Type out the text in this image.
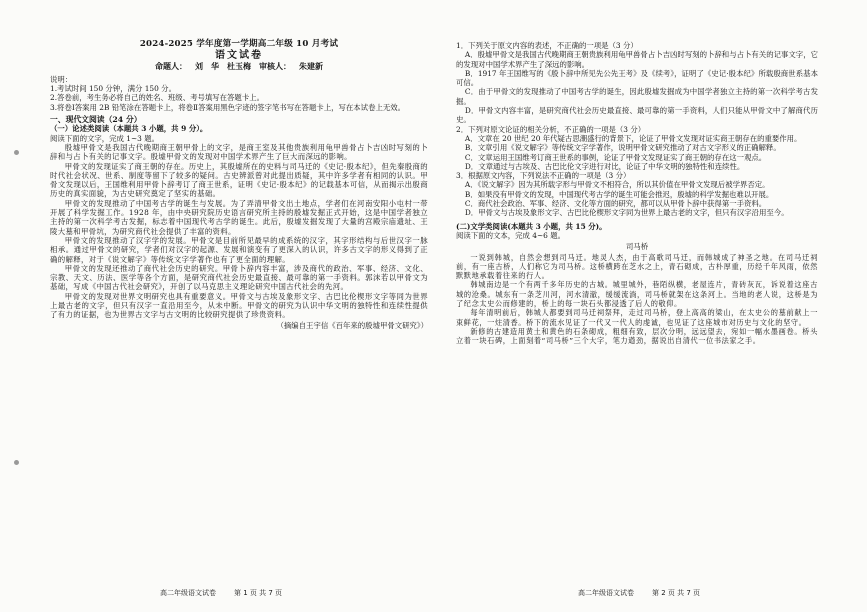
2024-2025 学年度第一学期高二年级 10 月考试

语文试卷

命题人： 刘　华 杜玉梅 审核人： 朱建新

说明：

1.考试时间 150 分钟，满分 150 分。

2.答卷前，考生务必将自己的姓名、班级、考号填写在答题卡上。

3.将卷Ⅰ答案用 2B 铅笔涂在答题卡上，将卷Ⅱ答案用黑色字迹的签字笔书写在答题卡上，写在本试卷上无效。

一、现代文阅读（24 分）

（一）论述类阅读（本题共 3 小题，共 9 分）。

阅读下面的文字，完成 1~3 题。

殷墟甲骨文是我国古代晚期商王朝甲骨上的文字，是商王室及其他贵族利用龟甲兽骨占卜吉凶时写刻的卜辞和与占卜有关的记事文字。殷墟甲骨文的发现对中国学术界产生了巨大而深远的影响。

甲骨文的发现证实了商王朝的存在。历史上，其殷墟所在的史料与司马迁的《史记·殷本纪》，但先秦殷商的时代社会状况、世系、制度等留下了较多的疑问。古史辨派曾对此提出质疑，其中许多学者有相同的认识。甲骨文发现以后，王国维利用甲骨卜辞考订了商王世系，证明《史记·殷本纪》的记载基本可信，从而揭示出殷商历史的真实面貌，为古史研究奠定了坚实的基础。

甲骨文的发现推动了中国考古学的诞生与发展。为了弄清甲骨文出土地点，学者们在河南安阳小屯村一带开展了科学发掘工作。1928 年，由中央研究院历史语言研究所主持的殷墟发掘正式开始，这是中国学者独立主持的第一次科学考古发掘，标志着中国现代考古学的诞生。此后，殷墟发掘发现了大量的宫殿宗庙遗址、王陵大墓和甲骨坑，为研究商代社会提供了丰富的资料。

甲骨文的发现推动了汉字学的发展。甲骨文是目前所见最早的成系统的汉字，其字形结构与后世汉字一脉相承。通过甲骨文的研究，学者们对汉字的起源、发展和演变有了更深入的认识，许多古文字的形义得到了正确的解释，对于《说文解字》等传统文字学著作也有了更全面的理解。

甲骨文的发现还推动了商代社会历史的研究。甲骨卜辞内容丰富，涉及商代的政治、军事、经济、文化、宗教、天文、历法、医学等各个方面，是研究商代社会历史最直接、最可靠的第一手资料。郭沫若以甲骨文为基础，写成《中国古代社会研究》，开创了以马克思主义理论研究中国古代社会的先河。

甲骨文的发现对世界文明研究也具有重要意义。甲骨文与古埃及象形文字、古巴比伦楔形文字等同为世界上最古老的文字，但只有汉字一直沿用至今，从未中断。甲骨文的研究为认识中华文明的独特性和连续性提供了有力的证据，也为世界古文字与古文明的比较研究提供了珍贵资料。

（摘编自王宇信《百年来的殷墟甲骨文研究》）

1．下列关于原文内容的表述，不正确的一项是（3 分）

A．殷墟甲骨文是我国古代晚期商王朝贵族利用龟甲兽骨占卜吉凶时写刻的卜辞和与占卜有关的记事文字，它的发现对中国学术界产生了深远的影响。

B．1917 年王国维写的《殷卜辞中所见先公先王考》及《续考》，证明了《史记·殷本纪》所载殷商世系基本可信。

C．由于甲骨文的发现推动了中国考古学的诞生，因此殷墟发掘成为中国学者独立主持的第一次科学考古发掘。

D．甲骨文内容丰富，是研究商代社会历史最直接、最可靠的第一手资料，人们只能从甲骨文中了解商代历史。

2．下列对原文论证的相关分析，不正确的一项是（3 分）

A．文章在 20 世纪 20 年代疑古思潮盛行的背景下，论证了甲骨文发现对证实商王朝存在的重要作用。

B．文章引用《说文解字》等传统文字学著作，说明甲骨文研究推动了对古文字形义的正确解释。

C．文章运用王国维考订商王世系的事例，论证了甲骨文发现证实了商王朝的存在这一观点。

D．文章通过与古埃及、古巴比伦文字进行对比，论证了中华文明的独特性和连续性。

3．根据原文内容，下列说法不正确的一项是（3 分）

A．《说文解字》因为其所载字形与甲骨文不相符合，所以其价值在甲骨文发现后被学界否定。

B．如果没有甲骨文的发现，中国现代考古学的诞生可能会推迟，殷墟的科学发掘也难以开展。

C．商代社会政治、军事、经济、文化等方面的研究，都可以从甲骨卜辞中获得第一手资料。

D．甲骨文与古埃及象形文字、古巴比伦楔形文字同为世界上最古老的文字，但只有汉字沿用至今。

(二)文学类阅读(本题共 3 小题，共 15 分)。

阅读下面的文本，完成 4~6 题。

司马桥

一说到韩城，自然会想到司马迁。地灵人杰，由于高歌司马迁，而韩城成了神圣之地。在司马迁祠前，有一座古桥，人们称它为司马桥。这桥横跨在芝水之上，青石砌成，古朴厚重，历经千年风雨，依然默默地承载着往来的行人。

韩城南边是一个有两千多年历史的古城。城里城外，巷陌纵横，老屋连片，青砖灰瓦，诉说着这座古城的沧桑。城东有一条芝川河，河水清澈，缓缓流淌，司马桥就架在这条河上。当地的老人说，这桥是为了纪念太史公而修建的，桥上的每一块石头都浸透了后人的敬仰。

每年清明前后，韩城人都要到司马迁祠祭拜，走过司马桥，登上高高的梁山，在太史公的墓前献上一束鲜花，一炷清香。桥下的流水见证了一代又一代人的虔诚，也见证了这座城市对历史与文化的坚守。

新修的古建造用黄土和黄色的石条砌成，粗细有致，层次分明，远远望去，宛如一幅水墨画卷。桥头立着一块石碑，上面刻着“司马桥”三个大字，笔力遒劲，据说出自清代一位书法家之手。

高二年级语文试卷	第 1 页 共 7 页	高二年级语文试卷	第 2 页 共 7 页
